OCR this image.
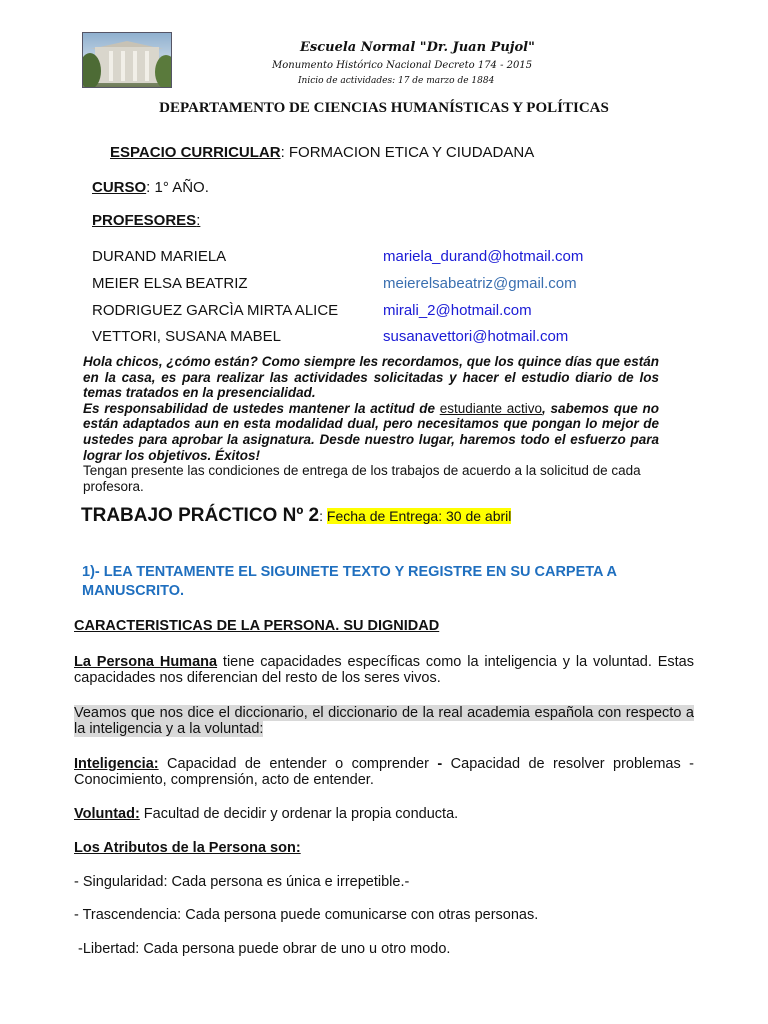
Escuela Normal "Dr. Juan Pujol"
Monumento Histórico Nacional Decreto 174 - 2015
Inicio de actividades: 17 de marzo de 1884
DEPARTAMENTO DE CIENCIAS HUMANÍSTICAS Y POLÍTICAS
ESPACIO CURRICULAR: FORMACION ETICA Y CIUDADANA
CURSO: 1° AÑO.
PROFESORES:
DURAND MARIELA	mariela_durand@hotmail.com
MEIER ELSA BEATRIZ	meierelsabeatriz@gmail.com
RODRIGUEZ GARCÌA MIRTA ALICE	mirali_2@hotmail.com
VETTORI, SUSANA MABEL	susanavettori@hotmail.com

Hola chicos, ¿cómo están? Como siempre les recordamos, que los quince días que están en la casa, es para realizar las actividades solicitadas y hacer el estudio diario de los temas tratados en la presencialidad.

Es responsabilidad de ustedes mantener la actitud de estudiante activo, sabemos que no están adaptados aun en esta modalidad dual, pero necesitamos que pongan lo mejor de ustedes para aprobar la asignatura. Desde nuestro lugar, haremos todo el esfuerzo para lograr los objetivos. Éxitos!

Tengan presente las condiciones de entrega de los trabajos de acuerdo a la solicitud de cada profesora.

TRABAJO PRÁCTICO Nº 2: Fecha de Entrega: 30 de abril
1)- LEA TENTAMENTE EL SIGUINETE TEXTO Y REGISTRE EN SU CARPETA A MANUSCRITO.
CARACTERISTICAS DE LA PERSONA. SU DIGNIDAD
La Persona Humana tiene capacidades específicas como la inteligencia y la voluntad. Estas capacidades nos diferencian del resto de los seres vivos.
Veamos que nos dice el diccionario, el diccionario de la real academia española con respecto a la inteligencia y a la voluntad:
Inteligencia: Capacidad de entender o comprender - Capacidad de resolver problemas - Conocimiento, comprensión, acto de entender.
Voluntad: Facultad de decidir y ordenar la propia conducta.
Los Atributos de la Persona son:
- Singularidad: Cada persona es única e irrepetible.-
- Trascendencia: Cada persona puede comunicarse con otras personas.
-Libertad: Cada persona puede obrar de uno u otro modo.
